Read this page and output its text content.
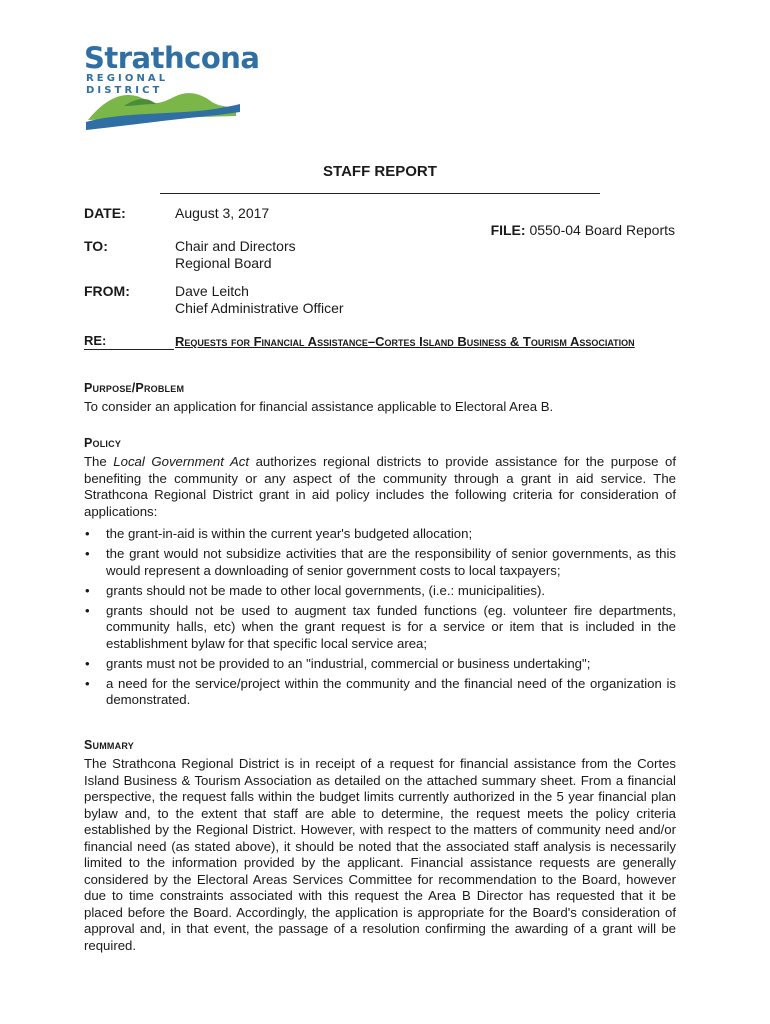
Strathcona
REGIONAL DISTRICT
STAFF REPORT
DATE:	August 3, 2017
FILE: 0550-04 Board Reports
TO:	Chair and Directors
Regional Board
FROM:	Dave Leitch
Chief Administrative Officer
RE:	Requests for Financial Assistance–Cortes Island Business & Tourism Association
Purpose/Problem
To consider an application for financial assistance applicable to Electoral Area B.
Policy
The Local Government Act authorizes regional districts to provide assistance for the purpose of benefiting the community or any aspect of the community through a grant in aid service. The Strathcona Regional District grant in aid policy includes the following criteria for consideration of applications:
• the grant-in-aid is within the current year's budgeted allocation;
• the grant would not subsidize activities that are the responsibility of senior governments, as this would represent a downloading of senior government costs to local taxpayers;
• grants should not be made to other local governments, (i.e.: municipalities).
• grants should not be used to augment tax funded functions (eg. volunteer fire departments, community halls, etc) when the grant request is for a service or item that is included in the establishment bylaw for that specific local service area;
• grants must not be provided to an "industrial, commercial or business undertaking";
• a need for the service/project within the community and the financial need of the organization is demonstrated.
Summary
The Strathcona Regional District is in receipt of a request for financial assistance from the Cortes Island Business & Tourism Association as detailed on the attached summary sheet. From a financial perspective, the request falls within the budget limits currently authorized in the 5 year financial plan bylaw and, to the extent that staff are able to determine, the request meets the policy criteria established by the Regional District. However, with respect to the matters of community need and/or financial need (as stated above), it should be noted that the associated staff analysis is necessarily limited to the information provided by the applicant. Financial assistance requests are generally considered by the Electoral Areas Services Committee for recommendation to the Board, however due to time constraints associated with this request the Area B Director has requested that it be placed before the Board. Accordingly, the application is appropriate for the Board's consideration of approval and, in that event, the passage of a resolution confirming the awarding of a grant will be required.
